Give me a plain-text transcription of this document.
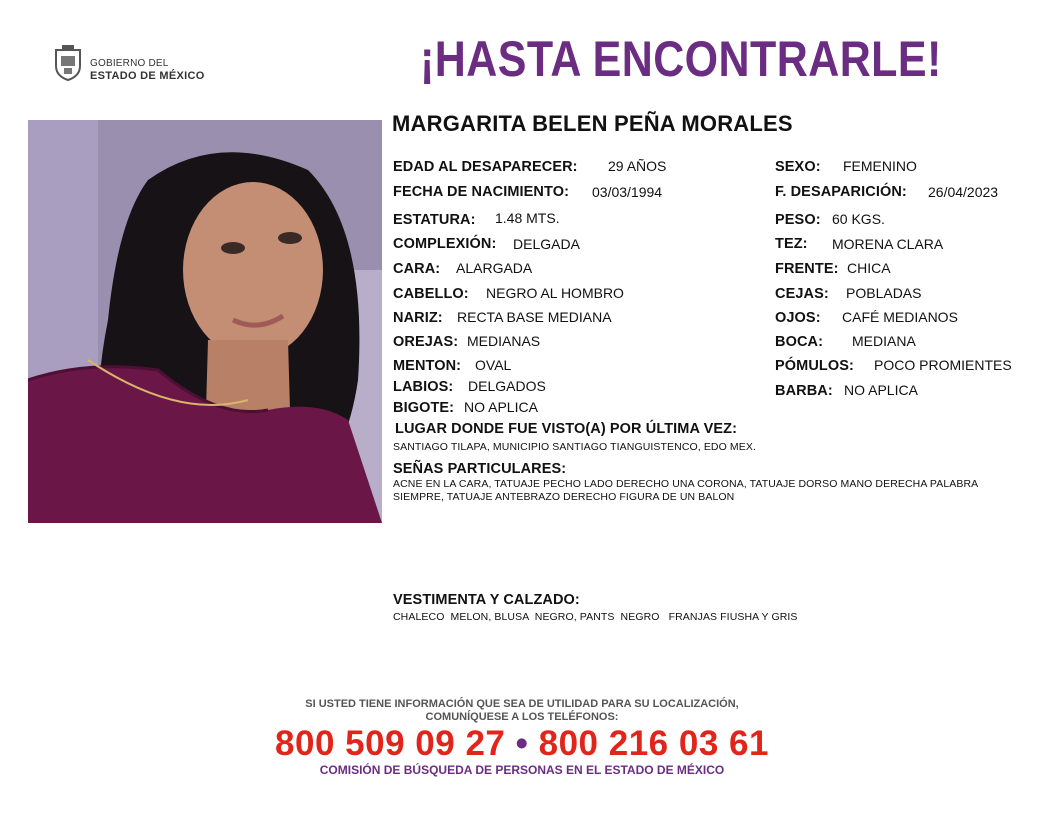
GOBIERNO DEL
ESTADO DE MÉXICO	¡HASTA ENCONTRARLE!
MARGARITA BELEN PEÑA MORALES
EDAD AL DESAPARECER: 29 AÑOS
FECHA DE NACIMIENTO: 03/03/1994
ESTATURA: 1.48 MTS.
COMPLEXIÓN: DELGADA
CARA: ALARGADA
CABELLO: NEGRO AL HOMBRO
NARIZ: RECTA BASE MEDIANA
OREJAS: MEDIANAS
MENTON: OVAL
LABIOS: DELGADOS
BIGOTE: NO APLICA
SEXO: FEMENINO
F. DESAPARICIÓN: 26/04/2023
PESO: 60 KGS.
TEZ: MORENA CLARA
FRENTE: CHICA
CEJAS: POBLADAS
OJOS: CAFÉ MEDIANOS
BOCA: MEDIANA
PÓMULOS: POCO PROMIENTES
BARBA: NO APLICA
LUGAR DONDE FUE VISTO(A) POR ÚLTIMA VEZ:
SANTIAGO TILAPA, MUNICIPIO SANTIAGO TIANGUISTENCO, EDO MEX.
SEÑAS PARTICULARES:
ACNE EN LA CARA, TATUAJE PECHO LADO DERECHO UNA CORONA, TATUAJE DORSO MANO DERECHA PALABRA
SIEMPRE, TATUAJE ANTEBRAZO DERECHO FIGURA DE UN BALON
VESTIMENTA Y CALZADO:
CHALECO  MELON, BLUSA  NEGRO, PANTS  NEGRO   FRANJAS FIUSHA Y GRIS
SI USTED TIENE INFORMACIÓN QUE SEA DE UTILIDAD PARA SU LOCALIZACIÓN,
COMUNÍQUESE A LOS TELÉFONOS:
800 509 09 27 • 800 216 03 61
COMISIÓN DE BÚSQUEDA DE PERSONAS EN EL ESTADO DE MÉXICO
